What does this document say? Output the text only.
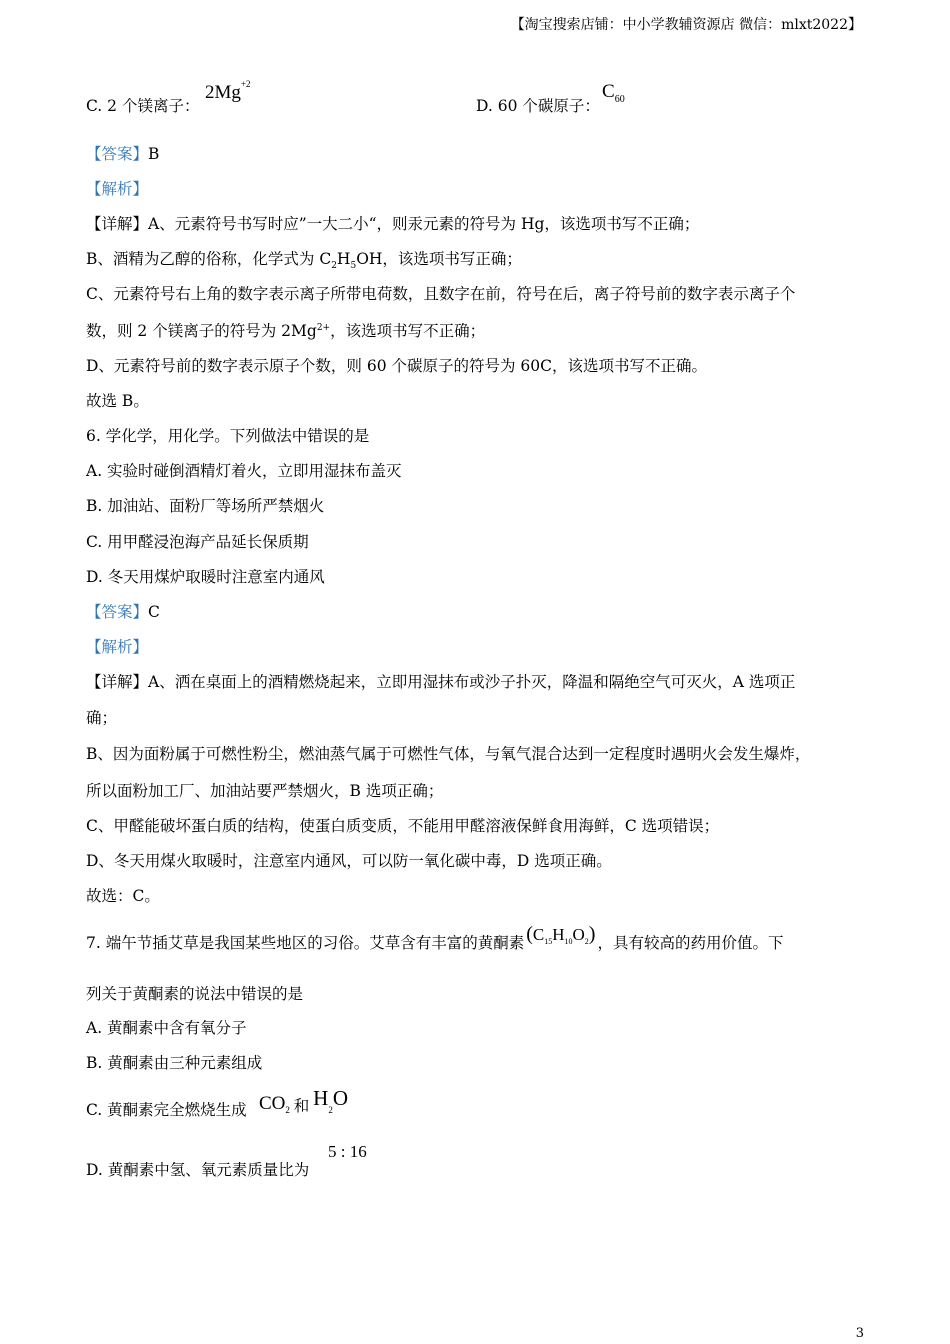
【淘宝搜索店铺：中小学教辅资源店 微信：mlxt2022】
C. 2 个镁离子：
$2Mg^{+2}$
D. 60 个碳原子：
$C_{60}$
【答案】B
【解析】
【详解】A、元素符号书写时应”一大二小“，则汞元素的符号为 Hg，该选项书写不正确；
B、酒精为乙醇的俗称，化学式为 $C_2H_5OH$，该选项书写正确；
C、元素符号右上角的数字表示离子所带电荷数，且数字在前，符号在后，离子符号前的数字表示离子个
数，则 2 个镁离子的符号为 $2Mg^{2+}$，该选项书写不正确；
D、元素符号前的数字表示原子个数，则 60 个碳原子的符号为 60C，该选项书写不正确。
故选 B。
6. 学化学，用化学。下列做法中错误的是
A. 实验时碰倒酒精灯着火，立即用湿抹布盖灭
B. 加油站、面粉厂等场所严禁烟火
C. 用甲醛浸泡海产品延长保质期
D. 冬天用煤炉取暖时注意室内通风
【答案】C
【解析】
【详解】A、洒在桌面上的酒精燃烧起来，立即用湿抹布或沙子扑灭，降温和隔绝空气可灭火，A 选项正
确；
B、因为面粉属于可燃性粉尘，燃油蒸气属于可燃性气体，与氧气混合达到一定程度时遇明火会发生爆炸，
所以面粉加工厂、加油站要严禁烟火，B 选项正确；
C、甲醛能破坏蛋白质的结构，使蛋白质变质，不能用甲醛溶液保鲜食用海鲜，C 选项错误；
D、冬天用煤火取暖时，注意室内通风，可以防一氧化碳中毒，D 选项正确。
故选：C。
7. 端午节插艾草是我国某些地区的习俗。艾草含有丰富的黄酮素 $(C_{15}H_{10}O_2)$ ，具有较高的药用价值。下
列关于黄酮素的说法中错误的是
A. 黄酮素中含有氧分子
B. 黄酮素由三种元素组成
C. 黄酮素完全燃烧生成 $CO_2$ 和 $H_2O$
D. 黄酮素中氢、氧元素质量比为
5 : 16
3
